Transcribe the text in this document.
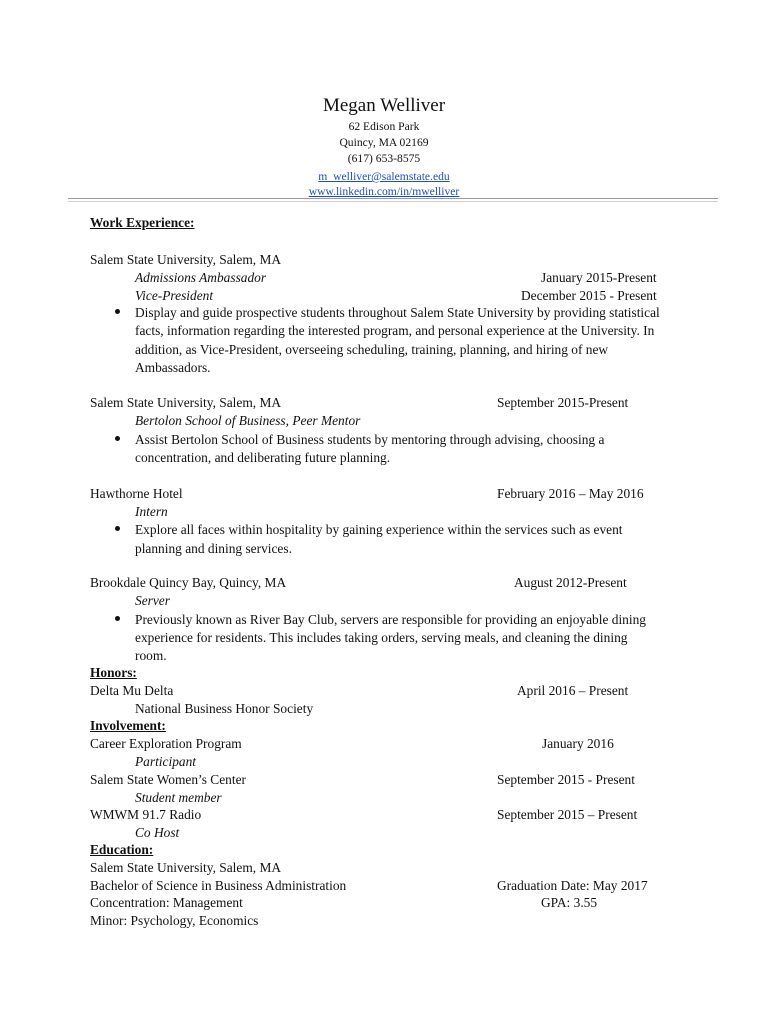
Megan Welliver
62 Edison Park
Quincy, MA 02169
(617) 653-8575
m_welliver@salemstate.edu
www.linkedin.com/in/mwelliver
Work Experience:
Salem State University, Salem, MA
Admissions Ambassador	January 2015-Present
Vice-President	December 2015 - Present
Display and guide prospective students throughout Salem State University by providing statistical
facts, information regarding the interested program, and personal experience at the University. In
addition, as Vice-President, overseeing scheduling, training, planning, and hiring of new
Ambassadors.
Salem State University, Salem, MA	September 2015-Present
Bertolon School of Business, Peer Mentor
Assist Bertolon School of Business students by mentoring through advising, choosing a
concentration, and deliberating future planning.
Hawthorne Hotel	February 2016 – May 2016
Intern
Explore all faces within hospitality by gaining experience within the services such as event
planning and dining services.
Brookdale Quincy Bay, Quincy, MA	August 2012-Present
Server
Previously known as River Bay Club, servers are responsible for providing an enjoyable dining
experience for residents. This includes taking orders, serving meals, and cleaning the dining
room.
Honors:
Delta Mu Delta	April 2016 – Present
National Business Honor Society
Involvement:
Career Exploration Program	January 2016
Participant
Salem State Women’s Center	September 2015 - Present
Student member
WMWM 91.7 Radio	September 2015 – Present
Co Host
Education:
Salem State University, Salem, MA
Bachelor of Science in Business Administration	Graduation Date: May 2017
Concentration: Management	GPA: 3.55
Minor: Psychology, Economics
